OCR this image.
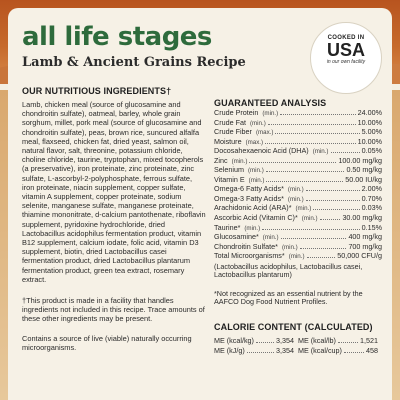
all life stages
Lamb & Ancient Grains Recipe
COOKED IN
USA
in our own facility
OUR NUTRITIOUS INGREDIENTS†
Lamb, chicken meal (source of glucosamine and chondroitin sulfate), oatmeal, barley, whole grain sorghum, millet, pork meal (source of glucosamine and chondroitin sulfate), peas, brown rice, suncured alfalfa meal, flaxseed, chicken fat, dried yeast, salmon oil, natural flavor, salt, threonine, potassium chloride, choline chloride, taurine, tryptophan, mixed tocopherols (a preservative), iron proteinate, zinc proteinate, zinc sulfate, L-ascorbyl-2-polyphosphate, ferrous sulfate, iron proteinate, niacin supplement, copper sulfate, vitamin A supplement, copper proteinate, sodium selenite, manganese sulfate, manganese proteinate, thiamine mononitrate, d-calcium pantothenate, riboflavin supplement, pyridoxine hydrochloride, dried Lactobacillus acidophilus fermentation product, vitamin B12 supplement, calcium iodate, folic acid, vitamin D3 supplement, biotin, dried Lactobacillus casei fermentation product, dried Lactobacillus plantarum fermentation product, green tea extract, rosemary extract.
†This product is made in a facility that handles ingredients not included in this recipe. Trace amounts of these other ingredients may be present.
Contains a source of live (viable) naturally occurring microorganisms.
GUARANTEED ANALYSIS
Crude Protein (min.)	24.00%
Crude Fat (min.)	10.00%
Crude Fiber (max.)	5.00%
Moisture (max.)	10.00%
Docosahexaenoic Acid (DHA) (min.)	0.05%
Zinc (min.)	100.00 mg/kg
Selenium (min.)	0.50 mg/kg
Vitamin E (min.)	50.00 IU/kg
Omega-6 Fatty Acids* (min.)	2.00%
Omega-3 Fatty Acids* (min.)	0.70%
Arachidonic Acid (ARA)* (min.)	0.03%
Ascorbic Acid (Vitamin C)* (min.)	30.00 mg/kg
Taurine* (min.)	0.15%
Glucosamine* (min.)	400 mg/kg
Chondroitin Sulfate* (min.)	700 mg/kg
Total Microorganisms* (min.)	50,000 CFU/g
(Lactobacillus acidophilus, Lactobacillus casei, Lactobacillus plantarum)
*Not recognized as an essential nutrient by the AAFCO Dog Food Nutrient Profiles.
CALORIE CONTENT (CALCULATED)
ME (kcal/kg)	3,354 ME (kcal/lb)	1,521
ME (kJ/g)	3,354 ME (kcal/cup)	458
